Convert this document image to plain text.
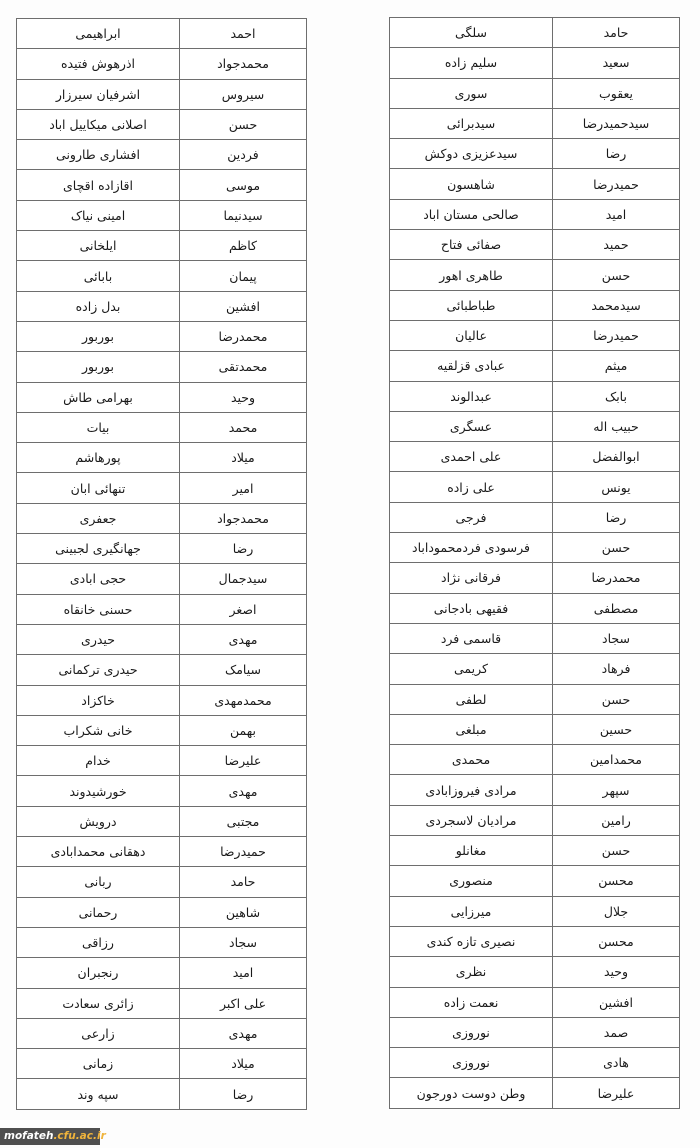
احمد	ابراهیمی
محمدجواد	اذرهوش فتیده
سیروس	اشرفیان سیرزار
حسن	اصلانی میکاییل اباد
فردین	افشاری طارونی
موسی	اقازاده اقچای
سیدنیما	امینی نیاک
کاظم	ایلخانی
پیمان	بابائی
افشین	بدل زاده
محمدرضا	بوربور
محمدتقی	بوربور
وحید	بهرامی طاش
محمد	بیات
میلاد	پورهاشم
امیر	تنهائی ابان
محمدجواد	جعفری
رضا	جهانگیری لجبینی
سیدجمال	حجی ابادی
اصغر	حسنی خانقاه
مهدی	حیدری
سیامک	حیدری ترکمانی
محمدمهدی	خاکزاد
بهمن	خانی شکراب
علیرضا	خدام
مهدی	خورشیدوند
مجتبی	درویش
حمیدرضا	دهقانی محمدابادی
حامد	ربانی
شاهین	رحمانی
سجاد	رزاقی
امید	رنجبران
علی اکبر	زائری سعادت
مهدی	زارعی
میلاد	زمانی
رضا	سپه وند
حامد	سلگی
سعید	سلیم زاده
یعقوب	سوری
سیدحمیدرضا	سیدبرائی
رضا	سیدعزیزی دوکش
حمیدرضا	شاهسون
امید	صالحی مستان اباد
حمید	صفائی فتاح
حسن	طاهری اهور
سیدمحمد	طباطبائی
حمیدرضا	عالیان
میثم	عبادی قزلقیه
بابک	عبدالوند
حبیب اله	عسگری
ابوالفضل	علی احمدی
یونس	علی زاده
رضا	فرجی
حسن	فرسودی فردمحموداباد
محمدرضا	فرقانی نژاد
مصطفی	فقیهی بادجانی
سجاد	قاسمی فرد
فرهاد	کریمی
حسن	لطفی
حسین	مبلغی
محمدامین	محمدی
سپهر	مرادی فیروزابادی
رامین	مرادیان لاسجردی
حسن	مغانلو
محسن	منصوری
جلال	میرزایی
محسن	نصیری تازه کندی
وحید	نظری
افشین	نعمت زاده
صمد	نوروزی
هادی	نوروزی
علیرضا	وطن دوست دورجون
mofateh.cfu.ac.ir
